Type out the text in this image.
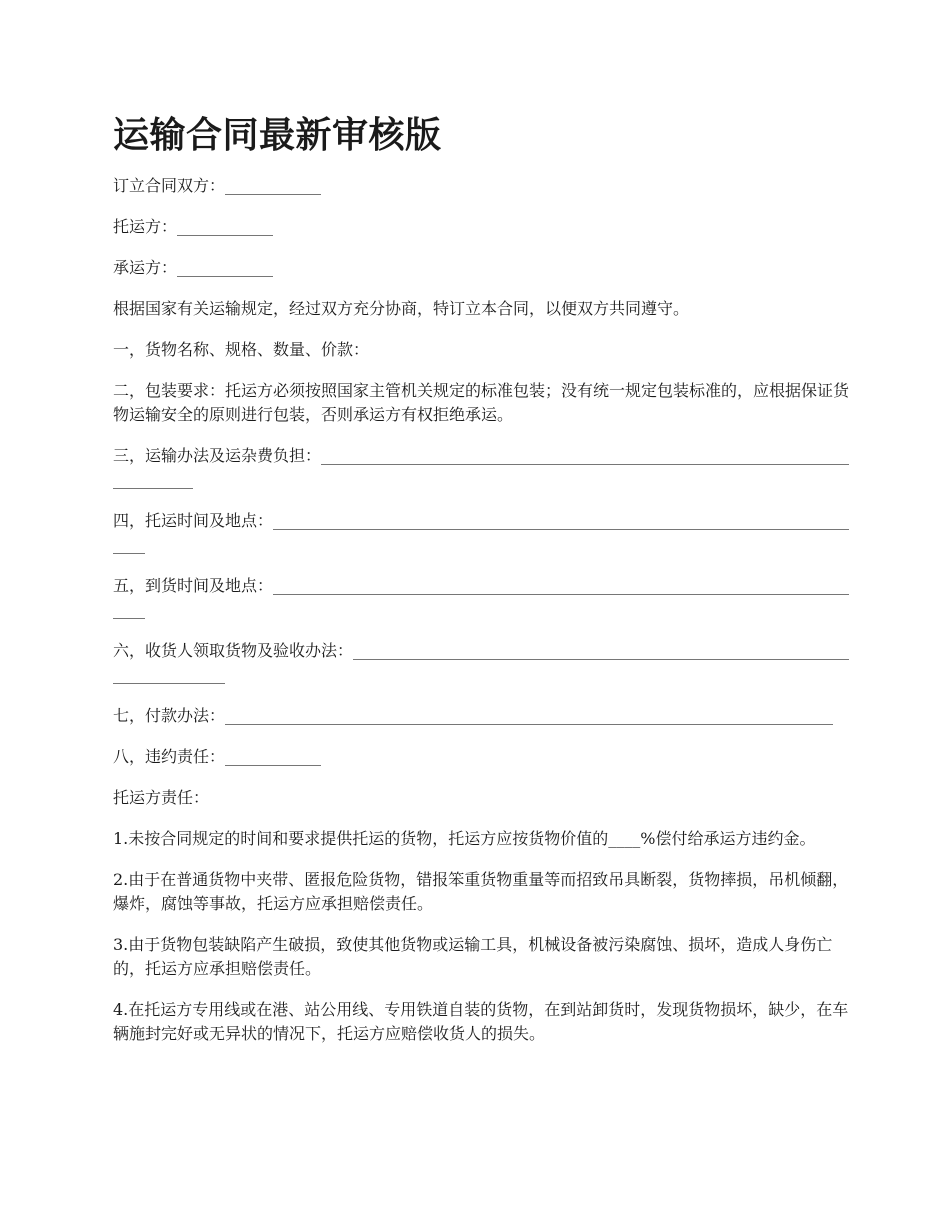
运输合同最新审核版

订立合同双方：____________

托运方：____________

承运方：____________

根据国家有关运输规定，经过双方充分协商，特订立本合同，以便双方共同遵守。

一，货物名称、规格、数量、价款：

二，包装要求：托运方必须按照国家主管机关规定的标准包装；没有统一规定包装标准的，应根据保证货物运输安全的原则进行包装，否则承运方有权拒绝承运。

三，运输办法及运杂费负担：____________________________________________________________________________

四，托运时间及地点：____________________________________________________________________________

五，到货时间及地点：____________________________________________________________________________

六，收货人领取货物及验收办法：____________________________________________________________________________

七，付款办法：____________________________________________________________________________

八，违约责任：____________

托运方责任：

1.未按合同规定的时间和要求提供托运的货物，托运方应按货物价值的____%偿付给承运方违约金。

2.由于在普通货物中夹带、匿报危险货物，错报笨重货物重量等而招致吊具断裂，货物摔损，吊机倾翻，爆炸，腐蚀等事故，托运方应承担赔偿责任。

3.由于货物包装缺陷产生破损，致使其他货物或运输工具，机械设备被污染腐蚀、损坏，造成人身伤亡的，托运方应承担赔偿责任。

4.在托运方专用线或在港、站公用线、专用铁道自装的货物，在到站卸货时，发现货物损坏，缺少，在车辆施封完好或无异状的情况下，托运方应赔偿收货人的损失。
